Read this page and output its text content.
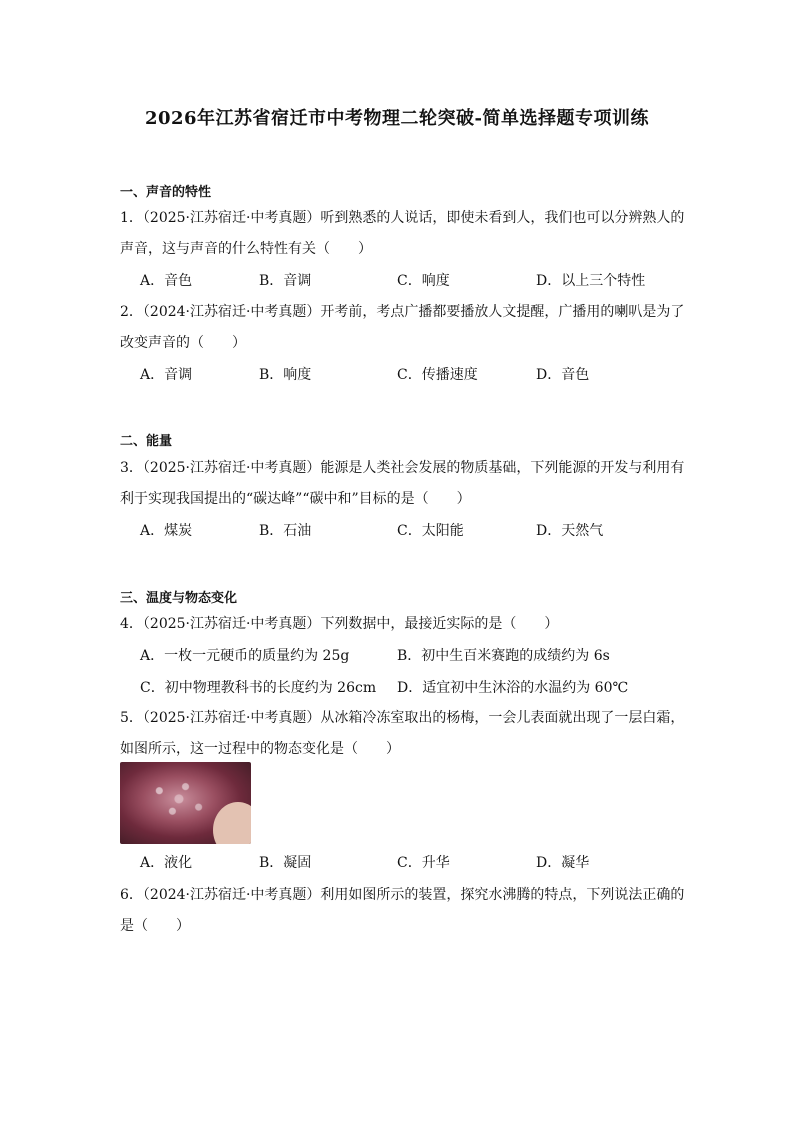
2026年江苏省宿迁市中考物理二轮突破-简单选择题专项训练
一、声音的特性
1．（2025·江苏宿迁·中考真题）听到熟悉的人说话，即使未看到人，我们也可以分辨熟人的
声音，这与声音的什么特性有关（　　）
A．音色	B．音调	C．响度	D．以上三个特性
2．（2024·江苏宿迁·中考真题）开考前，考点广播都要播放人文提醒，广播用的喇叭是为了
改变声音的（　　）
A．音调	B．响度	C．传播速度	D．音色
二、能量
3．（2025·江苏宿迁·中考真题）能源是人类社会发展的物质基础，下列能源的开发与利用有
利于实现我国提出的“碳达峰”“碳中和”目标的是（　　）
A．煤炭	B．石油	C．太阳能	D．天然气
三、温度与物态变化
4．（2025·江苏宿迁·中考真题）下列数据中，最接近实际的是（　　）
A．一枚一元硬币的质量约为 25g	B．初中生百米赛跑的成绩约为 6s
C．初中物理教科书的长度约为 26cm D．适宜初中生沐浴的水温约为 60℃
5．（2025·江苏宿迁·中考真题）从冰箱冷冻室取出的杨梅，一会儿表面就出现了一层白霜，
如图所示，这一过程中的物态变化是（　　）
A．液化	B．凝固	C．升华	D．凝华
6．（2024·江苏宿迁·中考真题）利用如图所示的装置，探究水沸腾的特点，下列说法正确的
是（　　）
